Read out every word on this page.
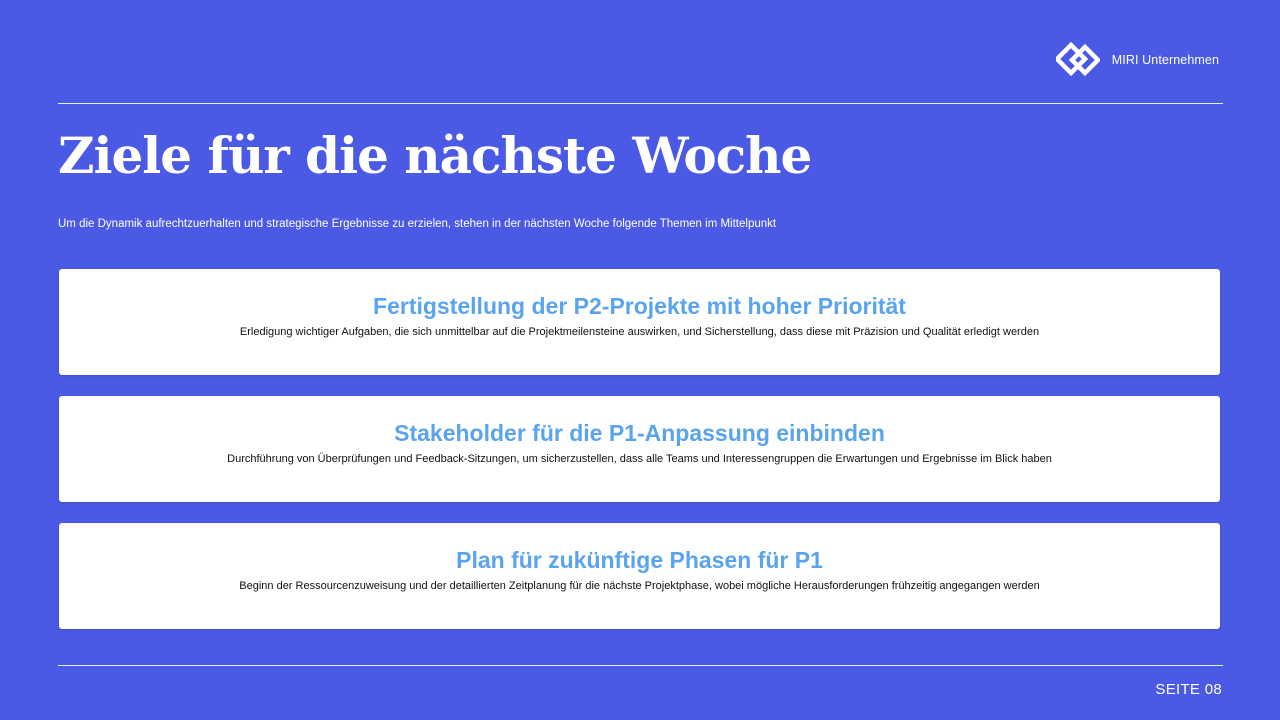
MIRI Unternehmen
Ziele für die nächste Woche

Um die Dynamik aufrechtzuerhalten und strategische Ergebnisse zu erzielen, stehen in der nächsten Woche folgende Themen im Mittelpunkt

Fertigstellung der P2-Projekte mit hoher Priorität

Erledigung wichtiger Aufgaben, die sich unmittelbar auf die Projektmeilensteine auswirken, und Sicherstellung, dass diese mit Präzision und Qualität erledigt werden

Stakeholder für die P1-Anpassung einbinden

Durchführung von Überprüfungen und Feedback-Sitzungen, um sicherzustellen, dass alle Teams und Interessengruppen die Erwartungen und Ergebnisse im Blick haben

Plan für zukünftige Phasen für P1

Beginn der Ressourcenzuweisung und der detaillierten Zeitplanung für die nächste Projektphase, wobei mögliche Herausforderungen frühzeitig angegangen werden

SEITE 08
